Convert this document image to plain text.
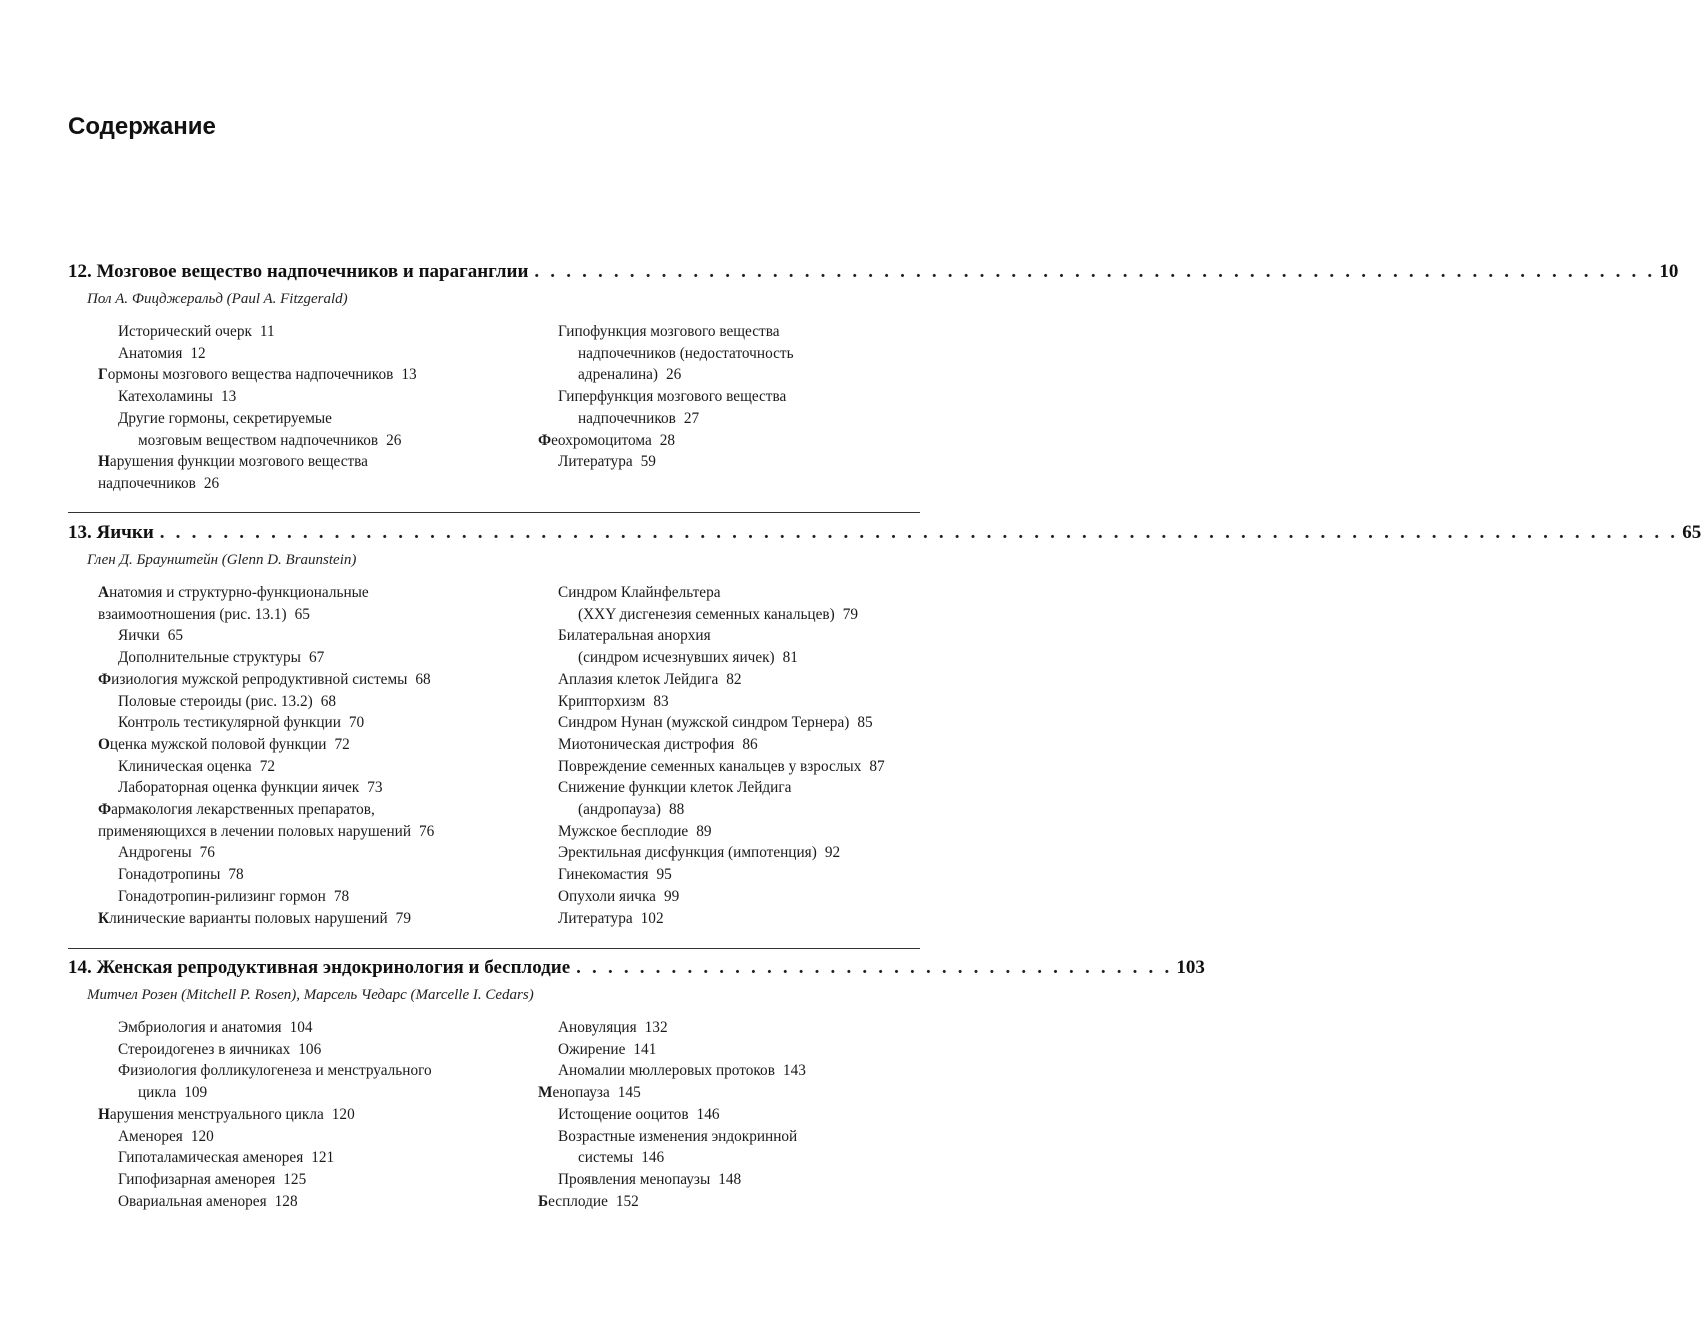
Содержание
12. Мозговое вещество надпочечников и параганглии . . . . . . . . . . . . . . . . . . . . . . . . . . . . . . . . . . . . . . . . . . . . . . . . . . . . . . . . . . . . . . . . . . . . . . . 10
Пол А. Фицджеральд (Paul A. Fitzgerald)
Исторический очерк 11
Анатомия 12
Гормоны мозгового вещества надпочечников 13
Катехоламины 13
Другие гормоны, секретируемые
мозговым веществом надпочечников 26
Нарушения функции мозгового вещества
надпочечников 26
Гипофункция мозгового вещества
надпочечников (недостаточность
адреналина) 26
Гиперфункция мозгового вещества
надпочечников 27
Феохромоцитома 28
Литература 59
13. Яички . . . . . . . . . . . . . . . . . . . . . . . . . . . . . . . . . . . . . . . . . . . . . . . . . . . . . . . . . . . . . . . . . . . . . . . . . . . . . . . . . . . . . . . . . . . . . . . . 65
Глен Д. Браунштейн (Glenn D. Braunstein)
Анатомия и структурно-функциональные
взаимоотношения (рис. 13.1) 65
Яички 65
Дополнительные структуры 67
Физиология мужской репродуктивной системы 68
Половые стероиды (рис. 13.2) 68
Контроль тестикулярной функции 70
Оценка мужской половой функции 72
Клиническая оценка 72
Лабораторная оценка функции яичек 73
Фармакология лекарственных препаратов,
применяющихся в лечении половых нарушений 76
Андрогены 76
Гонадотропины 78
Гонадотропин-рилизинг гормон 78
Клинические варианты половых нарушений 79
Синдром Клайнфельтера
(XXY дисгенезия семенных канальцев) 79
Билатеральная анорхия
(синдром исчезнувших яичек) 81
Аплазия клеток Лейдига 82
Крипторхизм 83
Синдром Нунан (мужской синдром Тернера) 85
Миотоническая дистрофия 86
Повреждение семенных канальцев у взрослых 87
Снижение функции клеток Лейдига
(андропауза) 88
Мужское бесплодие 89
Эректильная дисфункция (импотенция) 92
Гинекомастия 95
Опухоли яичка 99
Литература 102
14. Женская репродуктивная эндокринология и бесплодие . . . . . . . . . . . . . . . . . . . . . . . . . . . . . . . . . . . . . . 103
Митчел Розен (Mitchell P. Rosen), Марсель Чедарс (Marcelle I. Cedars)
Эмбриология и анатомия 104
Стероидогенез в яичниках 106
Физиология фолликулогенеза и менструального
цикла 109
Нарушения менструального цикла 120
Аменорея 120
Гипоталамическая аменорея 121
Гипофизарная аменорея 125
Овариальная аменорея 128
Ановуляция 132
Ожирение 141
Аномалии мюллеровых протоков 143
Менопауза 145
Истощение ооцитов 146
Возрастные изменения эндокринной
системы 146
Проявления менопаузы 148
Бесплодие 152
